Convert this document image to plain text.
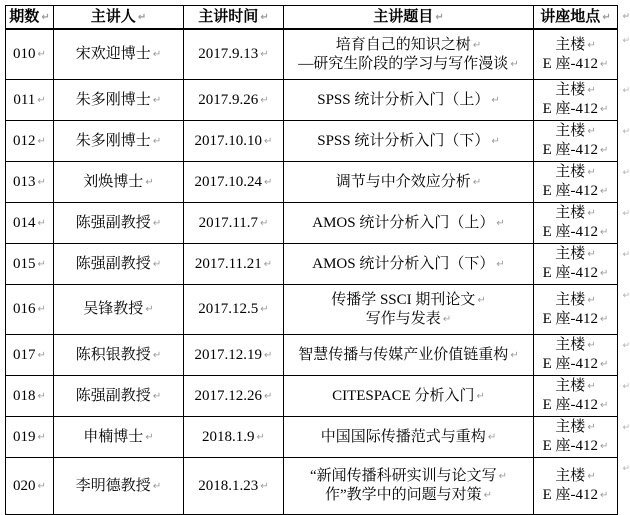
期数 ↵	主讲人 ↵	主讲时间 ↵	主讲题目 ↵	讲座地点 ↵ ↵

010 ↵	宋欢迎博士 ↵	2017.9.13 ↵	培育自己的知识之树 ↵
—研究生阶段的学习与写作漫谈 ↵	主楼 ↵
E 座-412 ↵
↵

011 ↵	朱多刚博士 ↵	2017.9.26 ↵	SPSS 统计分析入门（上） ↵	主楼 ↵
E 座-412 ↵
↵

012 ↵	朱多刚博士 ↵	2017.10.10 ↵	SPSS 统计分析入门（下） ↵	主楼 ↵
E 座-412 ↵
↵

013 ↵	刘焕博士 ↵	2017.10.24 ↵	调节与中介效应分析 ↵	主楼 ↵
E 座-412 ↵
↵

014 ↵	陈强副教授 ↵	2017.11.7 ↵	AMOS 统计分析入门（上） ↵	主楼 ↵
E 座-412 ↵
↵

015 ↵	陈强副教授 ↵	2017.11.21 ↵	AMOS 统计分析入门（下） ↵	主楼 ↵
E 座-412 ↵
↵

016 ↵	吴锋教授 ↵	2017.12.5 ↵	传播学 SSCI 期刊论文 ↵
写作与发表 ↵	主楼 ↵
E 座-412 ↵
↵

017 ↵	陈积银教授 ↵	2017.12.19 ↵	智慧传播与传媒产业价值链重构 ↵	主楼 ↵
E 座-412 ↵
↵

018 ↵	陈强副教授 ↵	2017.12.26 ↵	CITESPACE 分析入门 ↵	主楼 ↵
E 座-412 ↵
↵

019 ↵	申楠博士 ↵	2018.1.9 ↵	中国国际传播范式与重构 ↵	主楼 ↵
E 座-412 ↵
↵

020 ↵	李明德教授 ↵	2018.1.23 ↵	“新闻传播科研实训与论文写 ↵
作”教学中的问题与对策 ↵	主楼 ↵
E 座-412 ↵
↵
